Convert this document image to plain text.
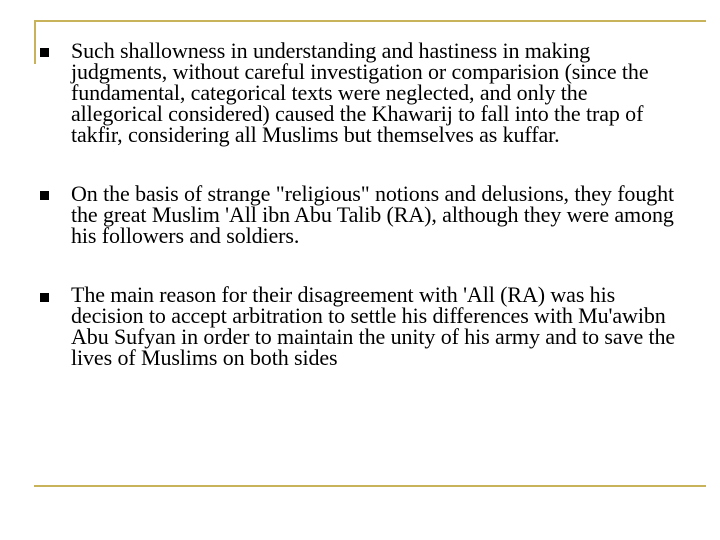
Such shallowness in understanding and hastiness in making judgments, without careful investigation or comparision (since the fundamental, categorical texts were neglected, and only the allegorical considered) caused the Khawarij to fall into the trap of takfir, considering all Muslims but themselves as kuffar.
On the basis of strange "religious" notions and delusions, they fought the great Muslim 'All ibn Abu Talib (RA), although they were among his followers and soldiers.
The main reason for their disagreement with 'All (RA) was his decision to accept arbitration to settle his differences with Mu'awibn Abu Sufyan in order to maintain the unity of his army and to save the lives of Muslims on both sides
